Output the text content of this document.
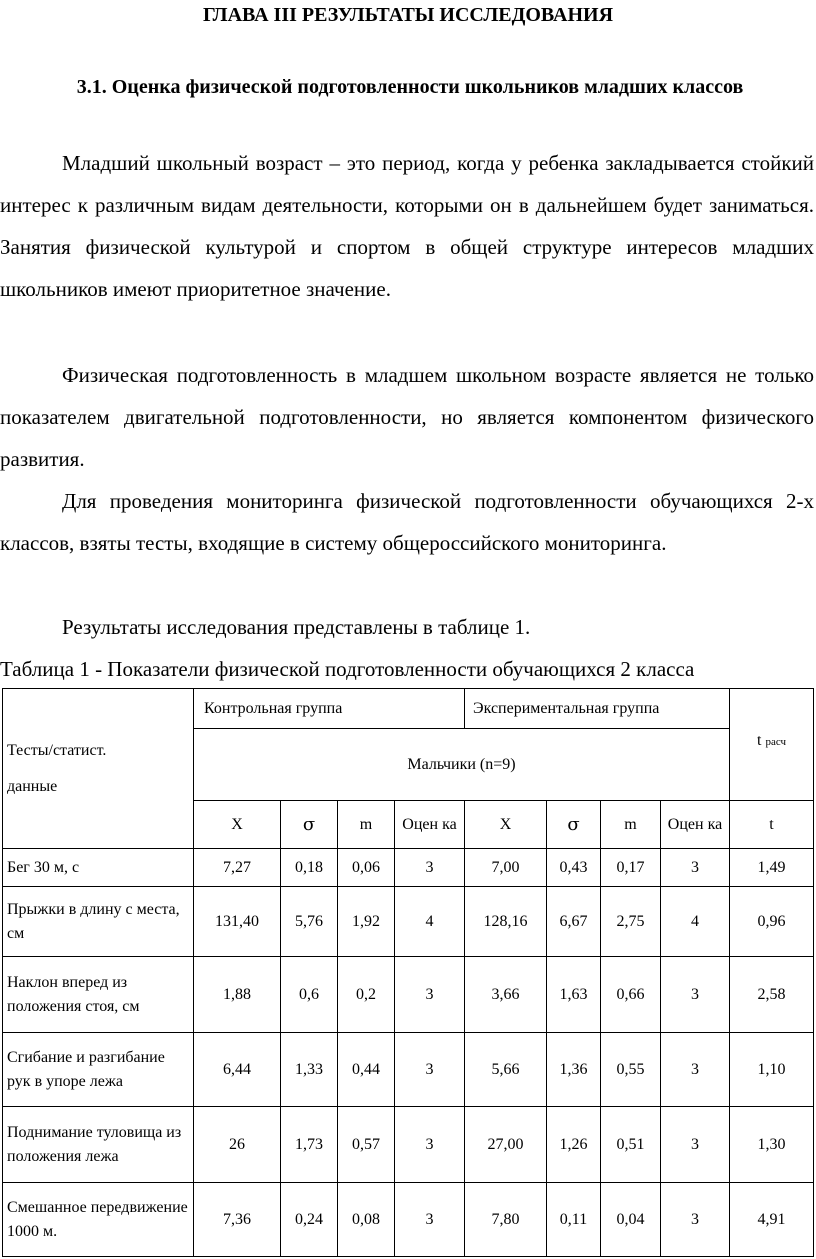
ГЛАВА III РЕЗУЛЬТАТЫ ИССЛЕДОВАНИЯ
3.1. Оценка физической подготовленности школьников младших классов

Младший школьный возраст – это период, когда у ребенка закладывается стойкий интерес к различным видам деятельности, которыми он в дальнейшем будет заниматься. Занятия физической культурой и спортом в общей структуре интересов младших школьников имеют приоритетное значение.

Физическая подготовленность в младшем школьном возрасте является не только показателем двигательной подготовленности, но является компонентом физического развития.

Для проведения мониторинга физической подготовленности обучающихся 2-х классов, взяты тесты, входящие в систему общероссийского мониторинга.

Результаты исследования представлены в таблице 1.

Таблица 1 - Показатели физической подготовленности обучающихся 2 класса
Тесты/статист.
данные	Контрольная группа				Экспериментальная группа				t расч
	Мальчики (n=9)								
	X	σ	m	Оцен ка	X	σ	m	Оцен ка	t
Бег 30 м, с	7,27	0,18	0,06	3	7,00	0,43	0,17	3	1,49
Прыжки в длину с места, см	131,40	5,76	1,92	4	128,16	6,67	2,75	4	0,96
Наклон вперед из положения стоя, см	1,88	0,6	0,2	3	3,66	1,63	0,66	3	2,58
Сгибание и разгибание рук в упоре лежа	6,44	1,33	0,44	3	5,66	1,36	0,55	3	1,10
Поднимание туловища из положения лежа	26	1,73	0,57	3	27,00	1,26	0,51	3	1,30
Смешанное передвижение 1000 м.	7,36	0,24	0,08	3	7,80	0,11	0,04	3	4,91
